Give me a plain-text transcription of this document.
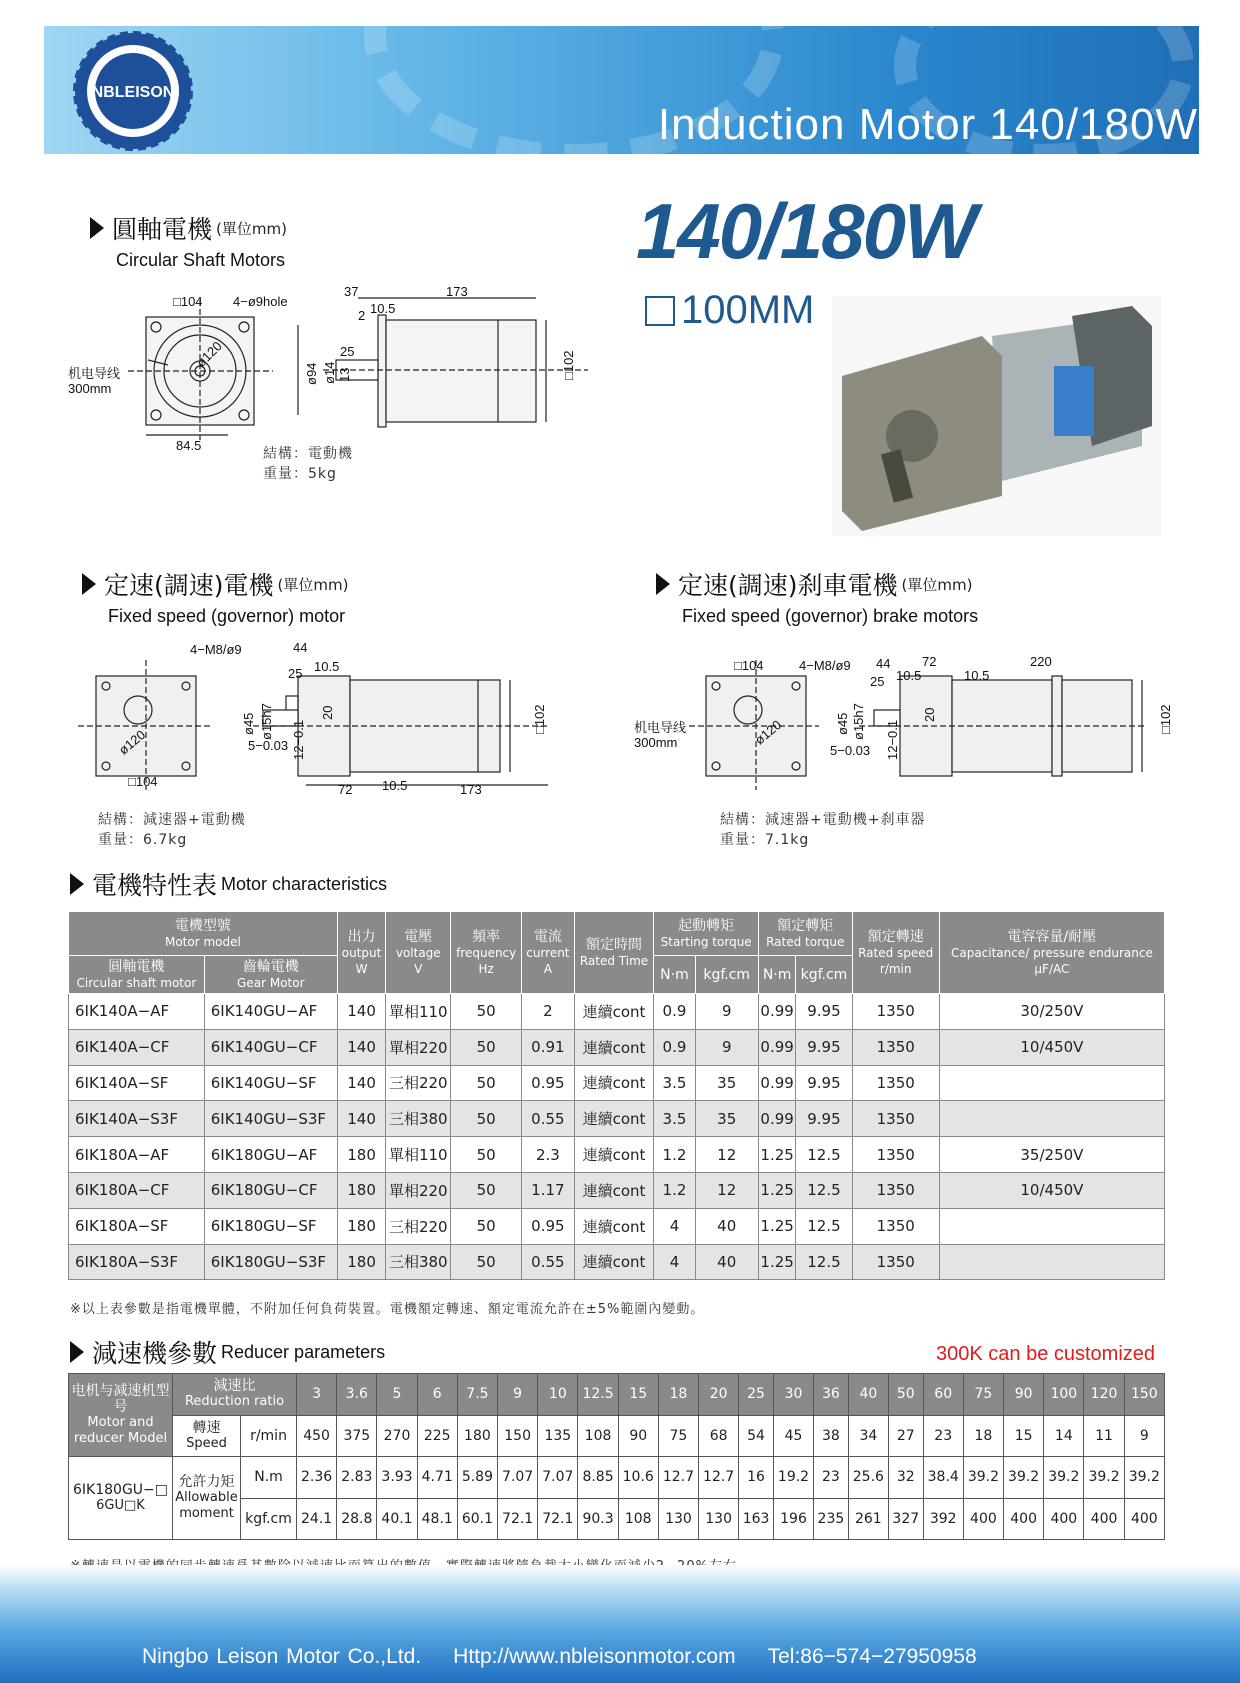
NBLEISON
Induction Motor 140/180W
圓軸電機 (單位mm)
Circular Shaft Motors	140/180W
100MM
□104 4−ø9hole
机电导线
300mm
ø120
84.5
37	173
2 10.5
25
ø94 ø14 13	□102
結構：電動機
重量：5kg
定速(調速)電機 (單位mm)
Fixed speed (governor) motor
定速(調速)刹車電機 (單位mm)
Fixed speed (governor) brake motors
4−M8/ø9	44
25 10.5
ø45 ø15h7	20
5−0.03 12−0.1
ø120
□104
72 10.5	173
□102
結構：減速器+電動機
重量：6.7kg
□104	4−M8/ø9 44 72	220
25 10.5	10.5
机电导线
300mm	ø120	ø45 ø15h7
5−0.03 12−0.1
20	□102
結構：減速器+電動機+刹車器
重量：7.1kg
電機特性表 Motor characteristics
電機型號
Motor model		出力
output
W	電壓
voltage
V	頻率
frequency
Hz	電流
current
A	額定時間
Rated Time	起動轉矩
Starting torque		額定轉矩
Rated torque		額定轉速
Rated speed
r/min	電容容量/耐壓
Capacitance/ pressure endurance
μF/AC

圓軸電機
Circular shaft motor	齒輪電機
Gear Motor						N·m	kgf.cm	N·m	kgf.cm		
6IK140A−AF	6IK140GU−AF	140	單相110	50	2	連續cont	0.9	9	0.99	9.95	1350	30/250V
6IK140A−CF	6IK140GU−CF	140	單相220	50	0.91	連續cont	0.9	9	0.99	9.95	1350	10/450V
6IK140A−SF	6IK140GU−SF	140	三相220	50	0.95	連續cont	3.5	35	0.99	9.95	1350	
6IK140A−S3F	6IK140GU−S3F	140	三相380	50	0.55	連續cont	3.5	35	0.99	9.95	1350	
6IK180A−AF	6IK180GU−AF	180	單相110	50	2.3	連續cont	1.2	12	1.25	12.5	1350	35/250V
6IK180A−CF	6IK180GU−CF	180	單相220	50	1.17	連續cont	1.2	12	1.25	12.5	1350	10/450V
6IK180A−SF	6IK180GU−SF	180	三相220	50	0.95	連續cont	4	40	1.25	12.5	1350	
6IK180A−S3F	6IK180GU−S3F	180	三相380	50	0.55	連續cont	4	40	1.25	12.5	1350	
※以上表參數是指電機單體，不附加任何負荷裝置。電機額定轉速、額定電流允許在±5%範圍內變動。
減速機參數 Reducer parameters	300K can be customized
电机与减速机型号
Motor and reducer Model	減速比
Reduction ratio		3	3.6	5	6	7.5	9	10	12.5	15	18	20	25	30	36	40	50	60	75	90	100	120	150
	轉速
Speed	r/min	450	375	270	225	180	150	135	108	90	75	68	54	45	38	34	27	23	18	15	14	11	9
6IK180GU−□
6GU□K	允許力矩
Allowable moment	N.m	2.36	2.83	3.93	4.71	5.89	7.07	7.07	8.85	10.6	12.7	12.7	16	19.2	23	25.6	32	38.4	39.2	39.2	39.2	39.2	39.2
		kgf.cm	24.1	28.8	40.1	48.1	60.1	72.1	72.1	90.3	108	130	130	163	196	235	261	327	392	400	400	400	400	400
Ningbo Leison Motor Co.,Ltd. Http://www.nbleisonmotor.com Tel:86−574−27950958
